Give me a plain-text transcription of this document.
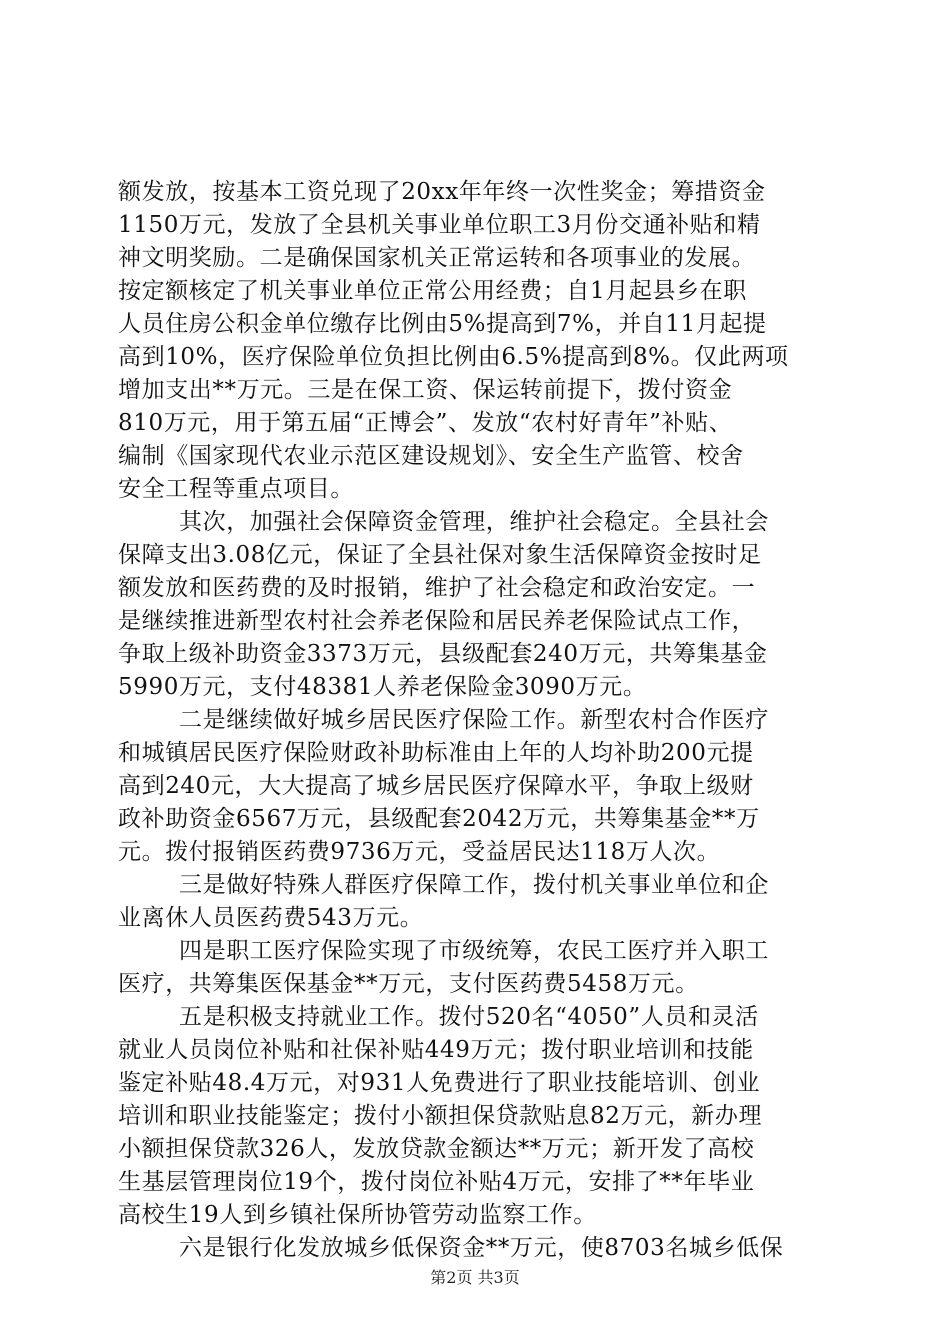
额发放，按基本工资兑现了20xx年年终一次性奖金；筹措资金
1150万元，发放了全县机关事业单位职工3月份交通补贴和精
神文明奖励。二是确保国家机关正常运转和各项事业的发展。
按定额核定了机关事业单位正常公用经费；自1月起县乡在职
人员住房公积金单位缴存比例由5%提高到7%，并自11月起提
高到10%，医疗保险单位负担比例由6.5%提高到8%。仅此两项
增加支出**万元。三是在保工资、保运转前提下，拨付资金
810万元，用于第五届“正博会”、发放“农村好青年”补贴、
编制《国家现代农业示范区建设规划》、安全生产监管、校舍
安全工程等重点项目。
其次，加强社会保障资金管理，维护社会稳定。全县社会
保障支出3.08亿元，保证了全县社保对象生活保障资金按时足
额发放和医药费的及时报销，维护了社会稳定和政治安定。一
是继续推进新型农村社会养老保险和居民养老保险试点工作，
争取上级补助资金3373万元，县级配套240万元，共筹集基金
5990万元，支付48381人养老保险金3090万元。
二是继续做好城乡居民医疗保险工作。新型农村合作医疗
和城镇居民医疗保险财政补助标准由上年的人均补助200元提
高到240元，大大提高了城乡居民医疗保障水平，争取上级财
政补助资金6567万元，县级配套2042万元，共筹集基金**万
元。拨付报销医药费9736万元，受益居民达118万人次。
三是做好特殊人群医疗保障工作，拨付机关事业单位和企
业离休人员医药费543万元。
四是职工医疗保险实现了市级统筹，农民工医疗并入职工
医疗，共筹集医保基金**万元，支付医药费5458万元。
五是积极支持就业工作。拨付520名“4050”人员和灵活
就业人员岗位补贴和社保补贴449万元；拨付职业培训和技能
鉴定补贴48.4万元，对931人免费进行了职业技能培训、创业
培训和职业技能鉴定；拨付小额担保贷款贴息82万元，新办理
小额担保贷款326人，发放贷款金额达**万元；新开发了高校
生基层管理岗位19个，拨付岗位补贴4万元，安排了**年毕业
高校生19人到乡镇社保所协管劳动监察工作。
六是银行化发放城乡低保资金**万元，使8703名城乡低保
第2页 共3页
